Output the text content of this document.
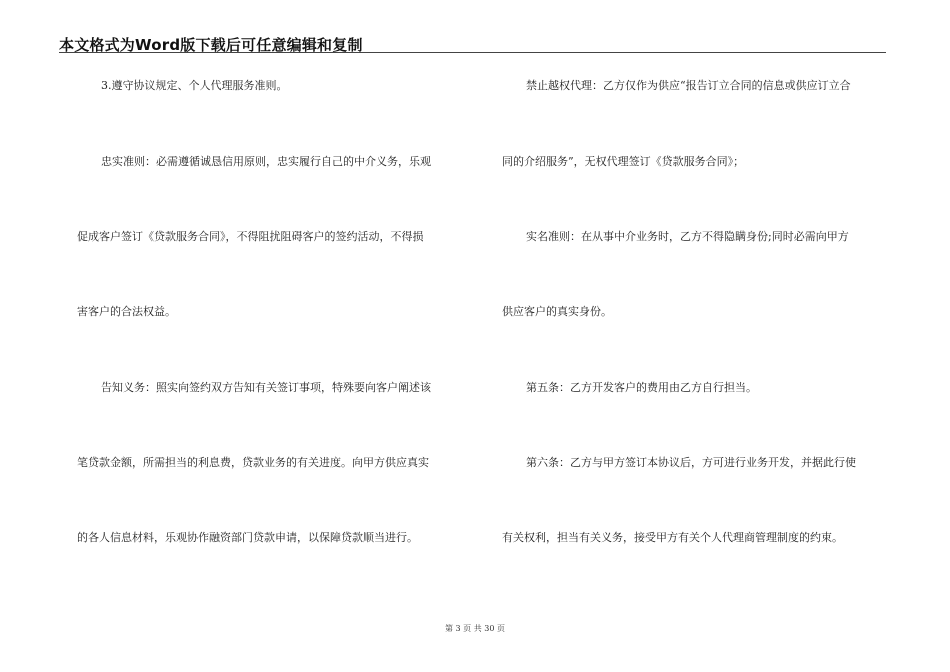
本文格式为Word版下载后可任意编辑和复制
3.遵守协议规定、个人代理服务准则。
忠实准则：必需遵循诚恳信用原则，忠实履行自己的中介义务，乐观
促成客户签订《贷款服务合同》，不得阻扰阻碍客户的签约活动，不得损
害客户的合法权益。
告知义务：照实向签约双方告知有关签订事项，特殊要向客户阐述该
笔贷款金额，所需担当的利息费，贷款业务的有关进度。向甲方供应真实
的各人信息材料，乐观协作融资部门贷款申请，以保障贷款顺当进行。
禁止越权代理：乙方仅作为供应“报告订立合同的信息或供应订立合
同的介绍服务”，无权代理签订《贷款服务合同》；
实名准则：在从事中介业务时，乙方不得隐瞒身份;同时必需向甲方
供应客户的真实身份。
第五条：乙方开发客户的费用由乙方自行担当。
第六条：乙方与甲方签订本协议后，方可进行业务开发，并据此行使
有关权利，担当有关义务，接受甲方有关个人代理商管理制度的约束。
第 3 页 共 30 页
